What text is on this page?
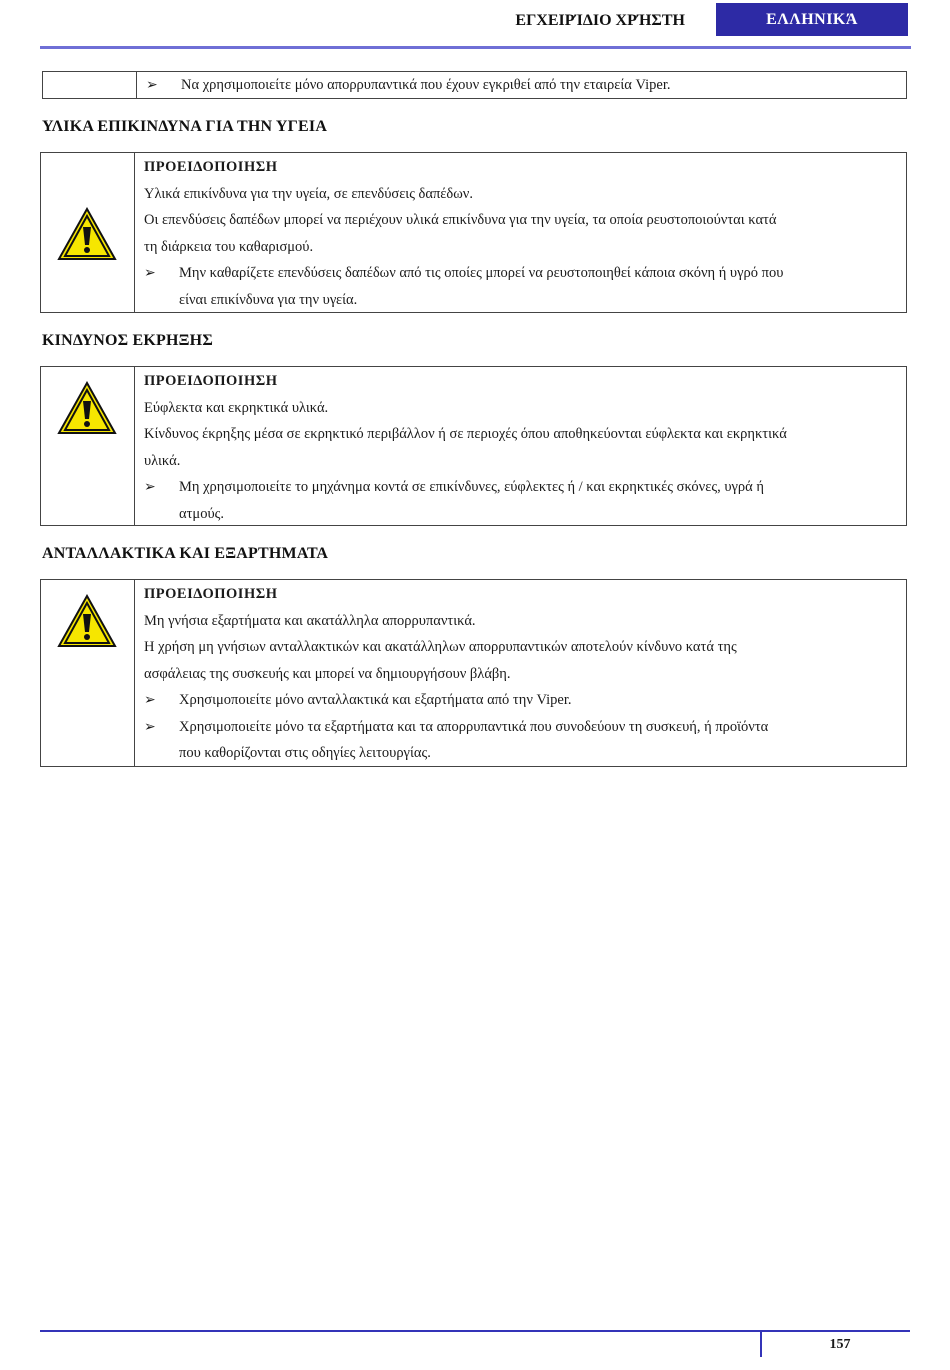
ΕΓΧΕΙΡΊΔΙΟ ΧΡΉΣΤΗ	ΕΛΛΗΝΙΚΆ
➢ Να χρησιμοποιείτε μόνο απορρυπαντικά που έχουν εγκριθεί από την εταιρεία Viper.
ΥΛΙΚΑ ΕΠΙΚΙΝΔΥΝΑ ΓΙΑ ΤΗΝ ΥΓΕΙΑ
ΠΡΟΕΙΔΟΠΟΙΗΣΗ
Υλικά επικίνδυνα για την υγεία, σε επενδύσεις δαπέδων.
Οι επενδύσεις δαπέδων μπορεί να περιέχουν υλικά επικίνδυνα για την υγεία, τα οποία ρευστοποιούνται κατά
τη διάρκεια του καθαρισμού.
➢ Μην καθαρίζετε επενδύσεις δαπέδων από τις οποίες μπορεί να ρευστοποιηθεί κάποια σκόνη ή υγρό που
είναι επικίνδυνα για την υγεία.
ΚΙΝΔΥΝΟΣ ΕΚΡΗΞΗΣ
ΠΡΟΕΙΔΟΠΟΙΗΣΗ
Εύφλεκτα και εκρηκτικά υλικά.
Κίνδυνος έκρηξης μέσα σε εκρηκτικό περιβάλλον ή σε περιοχές όπου αποθηκεύονται εύφλεκτα και εκρηκτικά
υλικά.
➢ Μη χρησιμοποιείτε το μηχάνημα κοντά σε επικίνδυνες, εύφλεκτες ή / και εκρηκτικές σκόνες, υγρά ή
ατμούς.
ΑΝΤΑΛΛΑΚΤΙΚΑ ΚΑΙ ΕΞΑΡΤΗΜΑΤΑ
ΠΡΟΕΙΔΟΠΟΙΗΣΗ
Μη γνήσια εξαρτήματα και ακατάλληλα απορρυπαντικά.
Η χρήση μη γνήσιων ανταλλακτικών και ακατάλληλων απορρυπαντικών αποτελούν κίνδυνο κατά της
ασφάλειας της συσκευής και μπορεί να δημιουργήσουν βλάβη.
➢ Χρησιμοποιείτε μόνο ανταλλακτικά και εξαρτήματα από την Viper.
➢ Χρησιμοποιείτε μόνο τα εξαρτήματα και τα απορρυπαντικά που συνοδεύουν τη συσκευή, ή προϊόντα
που καθορίζονται στις οδηγίες λειτουργίας.
157
